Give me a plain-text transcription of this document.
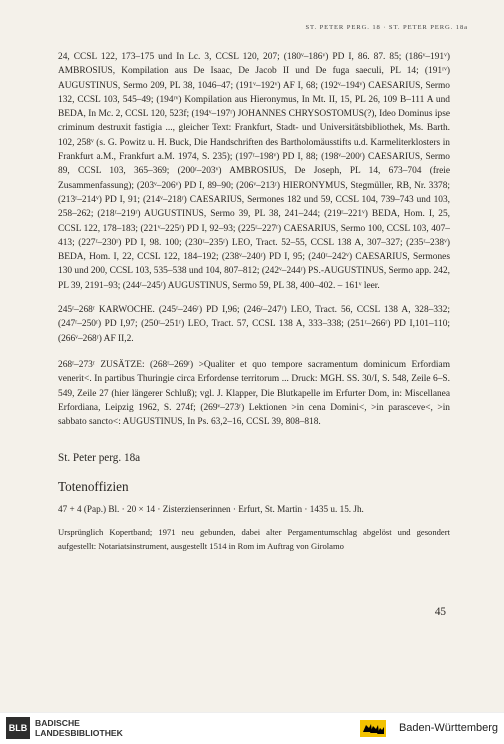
ST. PETER PERG. 18 · ST. PETER PERG. 18a

24, CCSL 122, 173–175 und In Lc. 3, CCSL 120, 207; (180ᵛ–186ᵛ) PD I, 86. 87. 85; (186ᵛ–191ᵛ) AMBROSIUS, Kompilation aus De Isaac, De Jacob II und De fuga saeculi, PL 14; (191ʳᵛ) AUGUSTINUS, Sermo 209, PL 38, 1046–47; (191ᵛ–192ᵛ) AF I, 68; (192ᵛ–194ᵛ) CAESARIUS, Sermo 132, CCSL 103, 545–49; (194ʳᵛ) Kompilation aus Hieronymus, In Mt. II, 15, PL 26, 109 B–111 A und BEDA, In Mc. 2, CCSL 120, 523f; (194ᵛ–197ʳ) JOHANNES CHRYSOSTOMUS(?), Ideo Dominus ipse criminum destruxit fastigia ..., gleicher Text: Frankfurt, Stadt- und Universitätsbibliothek, Ms. Barth. 102, 258ᵛ (s. G. Powitz u. H. Buck, Die Handschriften des Bartholomäusstifts u.d. Karmeliterklosters in Frankfurt a.M., Frankfurt a.M. 1974, S. 235); (197ʳ–198ᵛ) PD I, 88; (198ᵛ–200ʳ) CAESARIUS, Sermo 89, CCSL 103, 365–369; (200ʳ–203ᵛ) AMBROSIUS, De Joseph, PL 14, 673–704 (freie Zusammenfassung); (203ᵛ–206ᵛ) PD I, 89–90; (206ᵛ–213ʳ) HIERONYMUS, Stegmüller, RB, Nr. 3378; (213ʳ–214ᵛ) PD I, 91; (214ᵛ–218ʳ) CAESARIUS, Sermones 182 und 59, CCSL 104, 739–743 und 103, 258–262; (218ʳ–219ʳ) AUGUSTINUS, Sermo 39, PL 38, 241–244; (219ʳ–221ᵛ) BEDA, Hom. I, 25, CCSL 122, 178–183; (221ᵛ–225ʳ) PD I, 92–93; (225ʳ–227ʳ) CAESARIUS, Sermo 100, CCSL 103, 407–413; (227ʳ–230ʳ) PD I, 98. 100; (230ʳ–235ʳ) LEO, Tract. 52–55, CCSL 138 A, 307–327; (235ʳ–238ᵛ) BEDA, Hom. I, 22, CCSL 122, 184–192; (238ᵛ–240ʳ) PD I, 95; (240ʳ–242ᵛ) CAESARIUS, Sermones 130 und 200, CCSL 103, 535–538 und 104, 807–812; (242ᵛ–244ʳ) PS.-AUGUSTINUS, Sermo app. 242, PL 39, 2191–93; (244ʳ–245ʳ) AUGUSTINUS, Sermo 59, PL 38, 400–402. – 161ᵛ leer.

245ʳ–268ʳ KARWOCHE. (245ʳ–246ʳ) PD I,96; (246ʳ–247ʳ) LEO, Tract. 56, CCSL 138 A, 328–332; (247ʳ–250ʳ) PD I,97; (250ʳ–251ʳ) LEO, Tract. 57, CCSL 138 A, 333–338; (251ʳ–266ʳ) PD I,101–110; (266ᵛ–268ʳ) AF II,2.

268ʳ–273ʳ ZUSÄTZE: (268ʳ–269ʳ) >Qualiter et quo tempore sacramentum dominicum Erfordiam venerit<. In partibus Thuringie circa Erfordense territorum ... Druck: MGH. SS. 30/I, S. 548, Zeile 6–S. 549, Zeile 27 (hier längerer Schluß); vgl. J. Klapper, Die Blutkapelle im Erfurter Dom, in: Miscellanea Erfordiana, Leipzig 1962, S. 274f; (269ᵛ–273ʳ) Lektionen >in cena Domini<, >in parasceve<, >in sabbato sancto<: AUGUSTINUS, In Ps. 63,2–16, CCSL 39, 808–818.

St. Peter perg. 18a
Totenoffizien
47 + 4 (Pap.) Bl. · 20 × 14 · Zisterzienserinnen · Erfurt, St. Martin · 1435 u. 15. Jh.

Ursprünglich Kopertband; 1971 neu gebunden, dabei alter Pergamentumschlag abgelöst und gesondert aufgestellt: Notariatsinstrument, ausgestellt 1514 in Rom im Auftrag von Girolamo

45
BLB BADISCHE
LANDESBIBLIOTHEK	Baden-Württemberg
